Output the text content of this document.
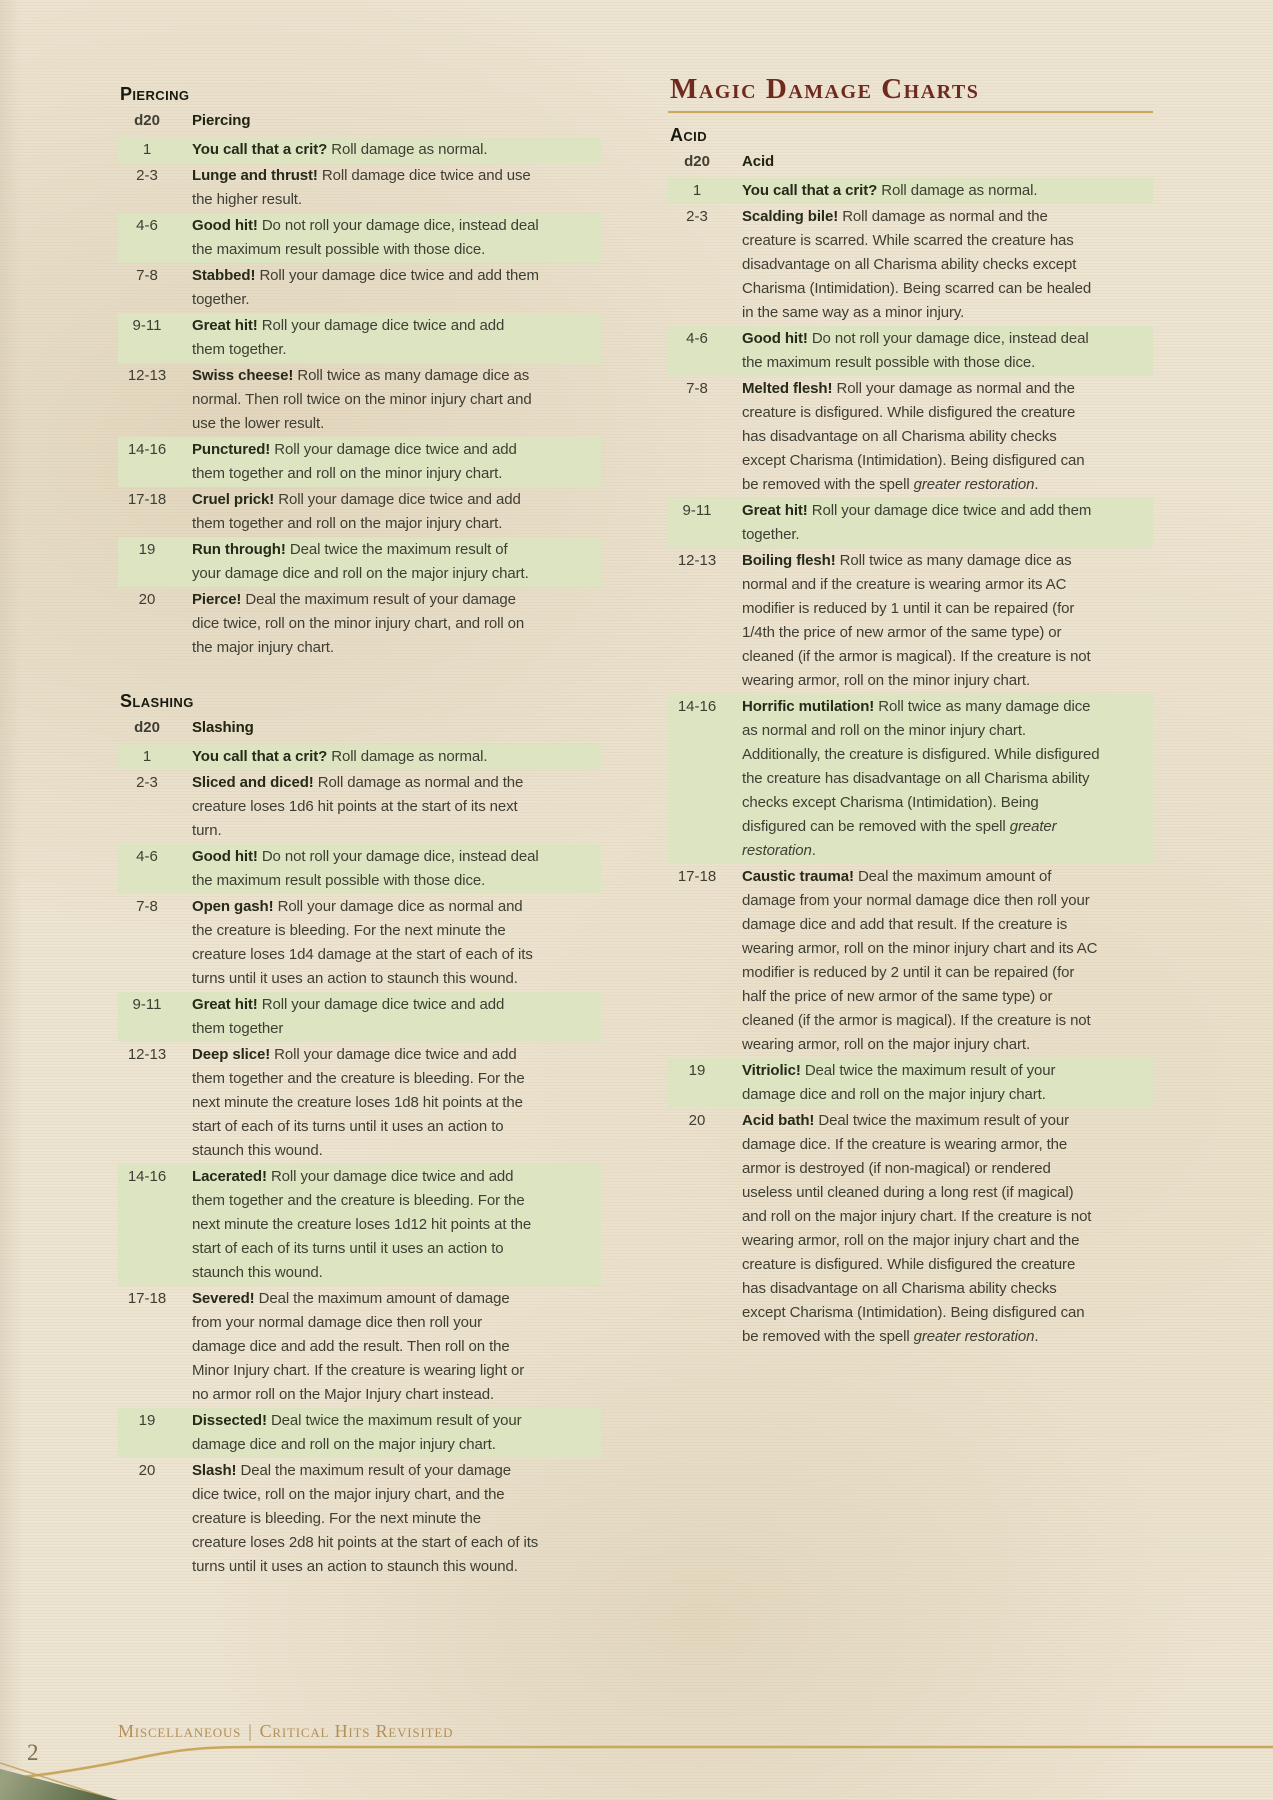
Piercing
d20	Piercing
1	You call that a crit? Roll damage as normal.
2-3	Lunge and thrust! Roll damage dice twice and use the higher result.
4-6	Good hit! Do not roll your damage dice, instead deal the maximum result possible with those dice.
7-8	Stabbed! Roll your damage dice twice and add them together.
9-11	Great hit! Roll your damage dice twice and add them together.
12-13	Swiss cheese! Roll twice as many damage dice as normal. Then roll twice on the minor injury chart and use the lower result.
14-16	Punctured! Roll your damage dice twice and add them together and roll on the minor injury chart.
17-18	Cruel prick! Roll your damage dice twice and add them together and roll on the major injury chart.
19	Run through! Deal twice the maximum result of your damage dice and roll on the major injury chart.
20	Pierce! Deal the maximum result of your damage dice twice, roll on the minor injury chart, and roll on the major injury chart.
Slashing
d20	Slashing
1	You call that a crit? Roll damage as normal.
2-3	Sliced and diced! Roll damage as normal and the creature loses 1d6 hit points at the start of its next turn.
4-6	Good hit! Do not roll your damage dice, instead deal the maximum result possible with those dice.
7-8	Open gash! Roll your damage dice as normal and the creature is bleeding. For the next minute the creature loses 1d4 damage at the start of each of its turns until it uses an action to staunch this wound.
9-11	Great hit! Roll your damage dice twice and add them together
12-13	Deep slice! Roll your damage dice twice and add them together and the creature is bleeding. For the next minute the creature loses 1d8 hit points at the start of each of its turns until it uses an action to staunch this wound.
14-16	Lacerated! Roll your damage dice twice and add them together and the creature is bleeding. For the next minute the creature loses 1d12 hit points at the start of each of its turns until it uses an action to staunch this wound.
17-18	Severed! Deal the maximum amount of damage from your normal damage dice then roll your damage dice and add the result. Then roll on the Minor Injury chart. If the creature is wearing light or no armor roll on the Major Injury chart instead.
19	Dissected! Deal twice the maximum result of your damage dice and roll on the major injury chart.
20	Slash! Deal the maximum result of your damage dice twice, roll on the major injury chart, and the creature is bleeding. For the next minute the creature loses 2d8 hit points at the start of each of its turns until it uses an action to staunch this wound.
Magic Damage Charts
Acid
d20	Acid
1	You call that a crit? Roll damage as normal.
2-3	Scalding bile! Roll damage as normal and the creature is scarred. While scarred the creature has disadvantage on all Charisma ability checks except Charisma (Intimidation). Being scarred can be healed in the same way as a minor injury.
4-6	Good hit! Do not roll your damage dice, instead deal the maximum result possible with those dice.
7-8	Melted flesh! Roll your damage as normal and the creature is disfigured. While disfigured the creature has disadvantage on all Charisma ability checks except Charisma (Intimidation). Being disfigured can be removed with the spell greater restoration.
9-11	Great hit! Roll your damage dice twice and add them together.
12-13	Boiling flesh! Roll twice as many damage dice as normal and if the creature is wearing armor its AC modifier is reduced by 1 until it can be repaired (for 1/4th the price of new armor of the same type) or cleaned (if the armor is magical). If the creature is not wearing armor, roll on the minor injury chart.
14-16	Horrific mutilation! Roll twice as many damage dice as normal and roll on the minor injury chart. Additionally, the creature is disfigured. While disfigured the creature has disadvantage on all Charisma ability checks except Charisma (Intimidation). Being disfigured can be removed with the spell greater restoration.
17-18	Caustic trauma! Deal the maximum amount of damage from your normal damage dice then roll your damage dice and add that result. If the creature is wearing armor, roll on the minor injury chart and its AC modifier is reduced by 2 until it can be repaired (for half the price of new armor of the same type) or cleaned (if the armor is magical). If the creature is not wearing armor, roll on the major injury chart.
19	Vitriolic! Deal twice the maximum result of your damage dice and roll on the major injury chart.
20	Acid bath! Deal twice the maximum result of your damage dice. If the creature is wearing armor, the armor is destroyed (if non-magical) or rendered useless until cleaned during a long rest (if magical) and roll on the major injury chart. If the creature is not wearing armor, roll on the major injury chart and the creature is disfigured. While disfigured the creature has disadvantage on all Charisma ability checks except Charisma (Intimidation). Being disfigured can be removed with the spell greater restoration.
Miscellaneous | Critical Hits Revisited
2
